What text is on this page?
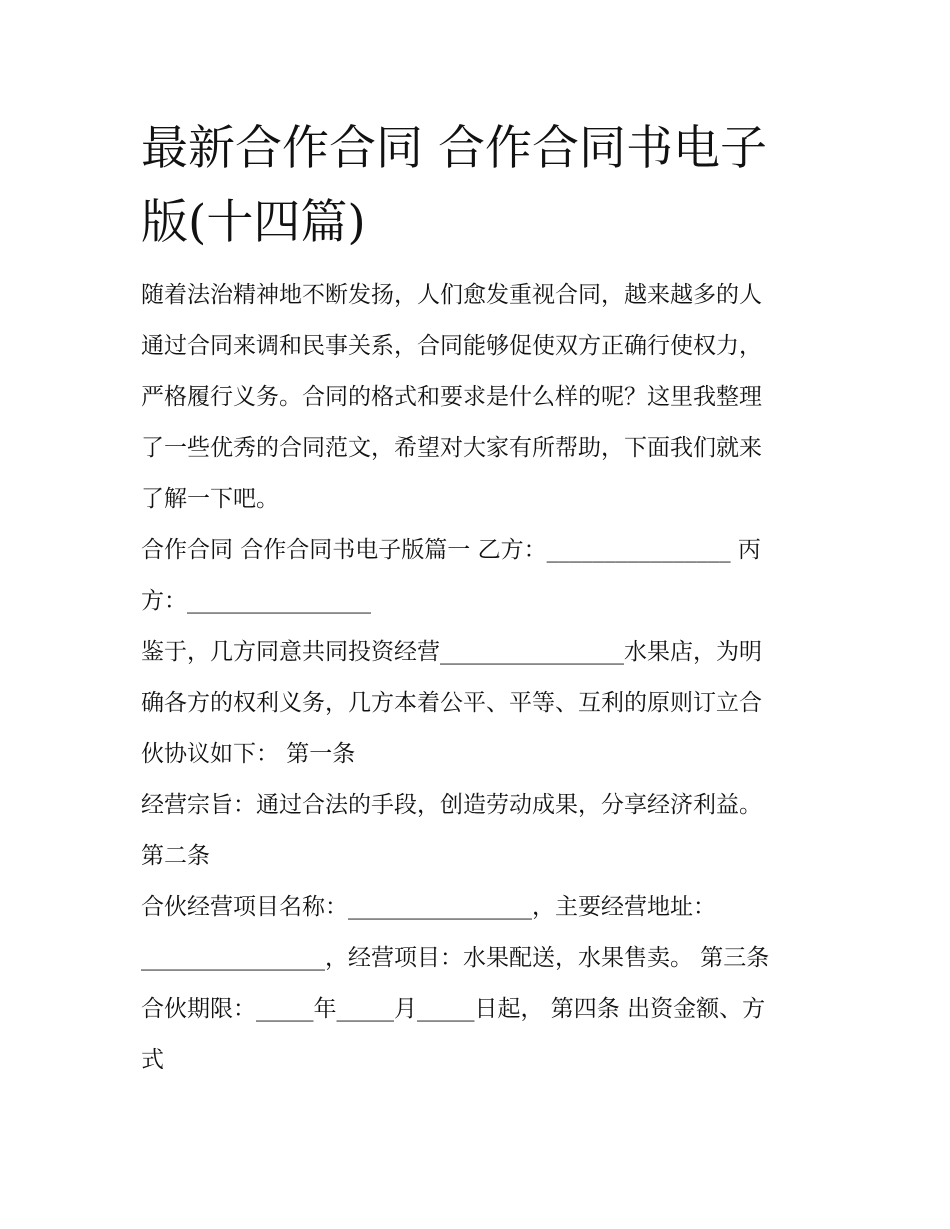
最新合作合同 合作合同书电子
版(十四篇)

随着法治精神地不断发扬，人们愈发重视合同，越来越多的人
通过合同来调和民事关系，合同能够促使双方正确行使权力，
严格履行义务。合同的格式和要求是什么样的呢？这里我整理
了一些优秀的合同范文，希望对大家有所帮助，下面我们就来
了解一下吧。

合作合同 合作合同书电子版篇一 乙方：________________ 丙
方：________________

鉴于，几方同意共同投资经营________________水果店，为明
确各方的权利义务，几方本着公平、平等、互利的原则订立合
伙协议如下： 第一条

经营宗旨：通过合法的手段，创造劳动成果，分享经济利益。
第二条

合伙经营项目名称：________________，主要经营地址：
________________，经营项目：水果配送，水果售卖。 第三条

合伙期限：_____年_____月_____日起， 第四条 出资金额、方
式
